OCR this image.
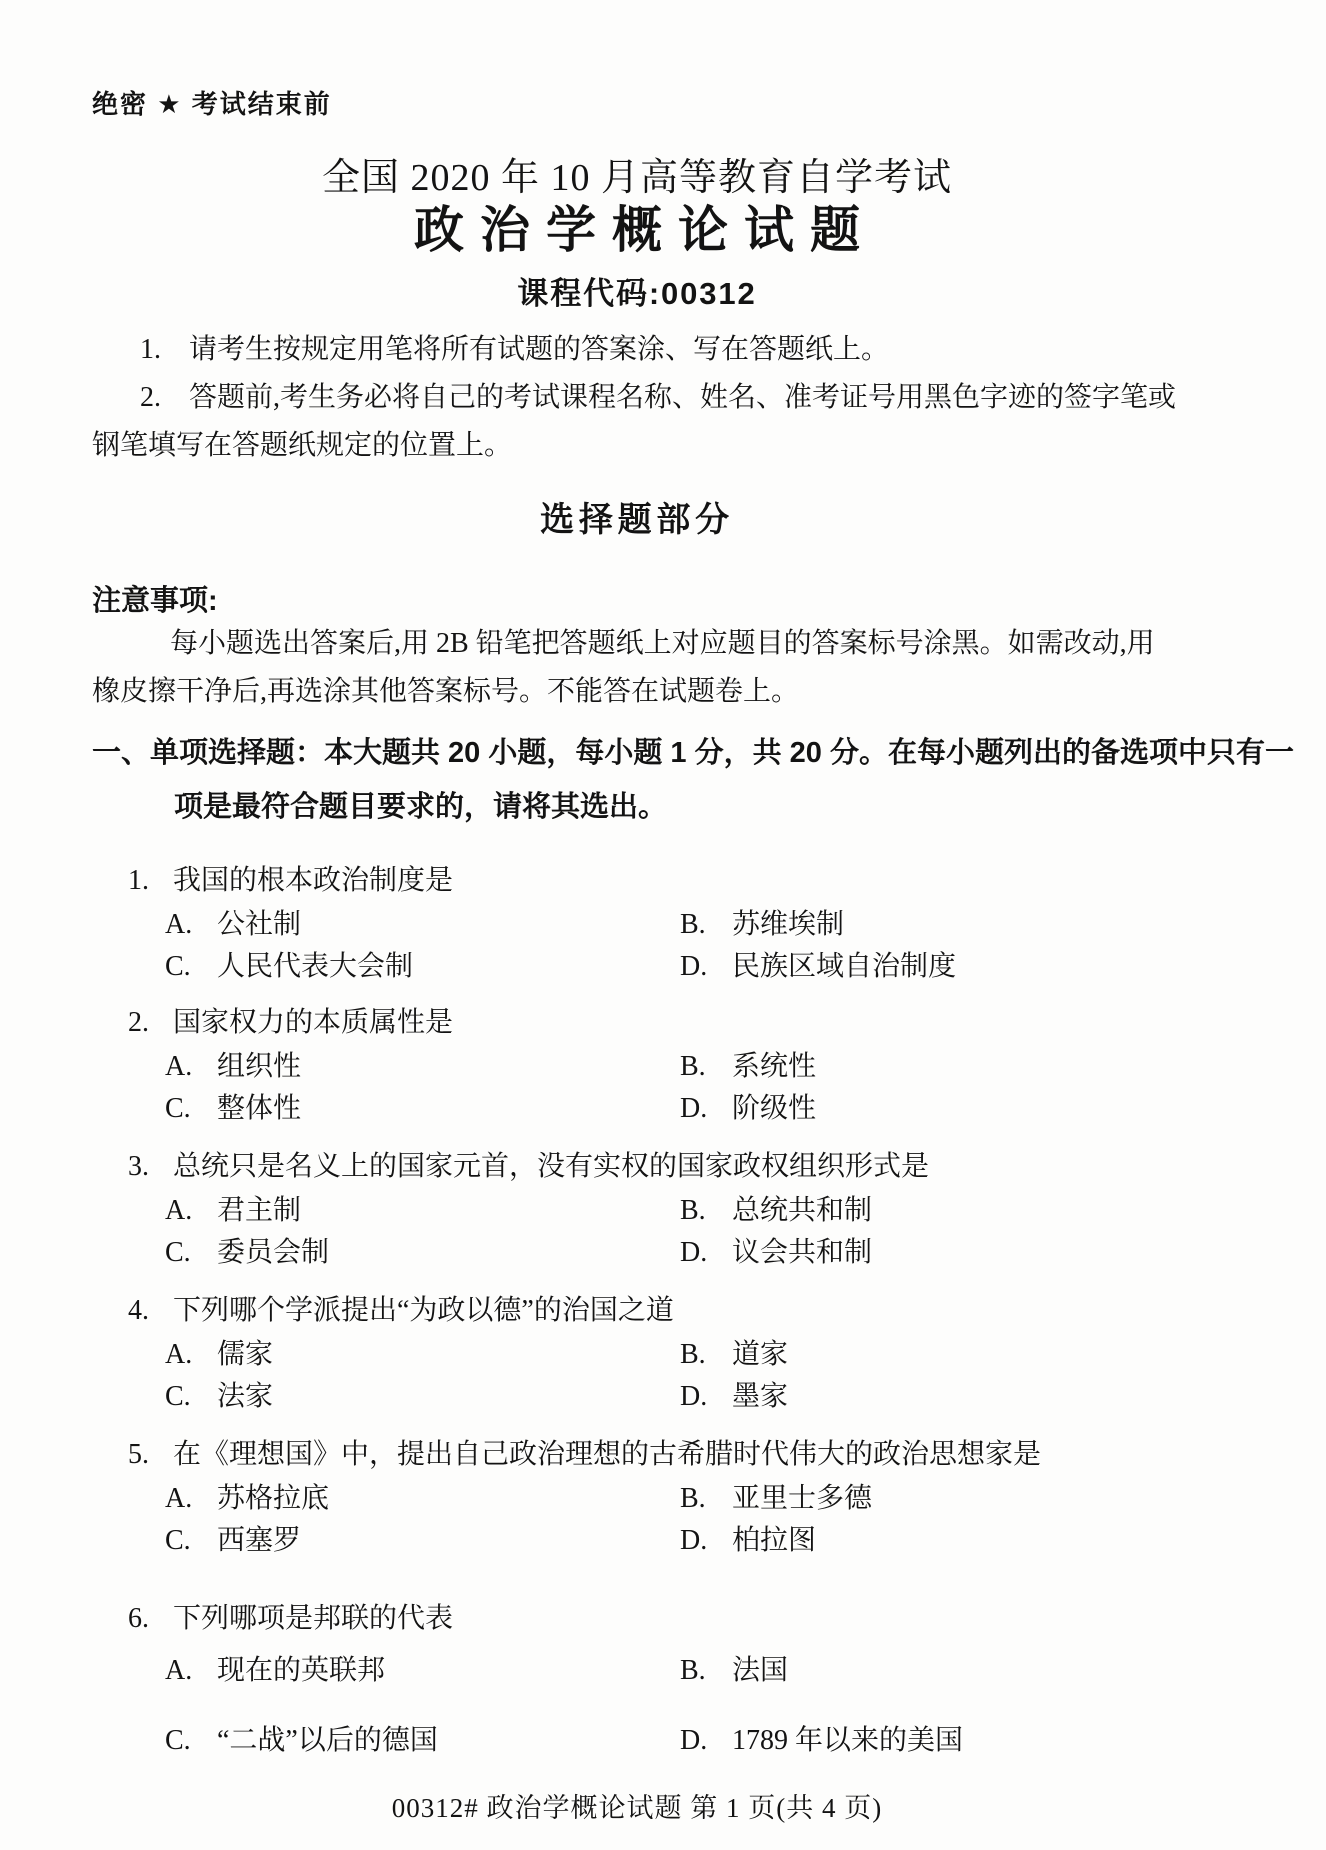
绝密 ★ 考试结束前
全国 2020 年 10 月高等教育自学考试
政治学概论试题
课程代码:00312
1.　请考生按规定用笔将所有试题的答案涂、写在答题纸上。
2.　答题前,考生务必将自己的考试课程名称、姓名、准考证号用黑色字迹的签字笔或钢笔填写在答题纸规定的位置上。
选择题部分
注意事项:
每小题选出答案后,用 2B 铅笔把答题纸上对应题目的答案标号涂黑。如需改动,用橡皮擦干净后,再选涂其他答案标号。不能答在试题卷上。
一、单项选择题：本大题共 20 小题，每小题 1 分，共 20 分。在每小题列出的备选项中只有一项是最符合题目要求的，请将其选出。
1. 我国的根本政治制度是
A. 公社制	B. 苏维埃制
C. 人民代表大会制	D. 民族区域自治制度
2. 国家权力的本质属性是
A. 组织性	B. 系统性
C. 整体性	D. 阶级性
3. 总统只是名义上的国家元首，没有实权的国家政权组织形式是
A. 君主制	B. 总统共和制
C. 委员会制	D. 议会共和制
4. 下列哪个学派提出“为政以德”的治国之道
A. 儒家	B. 道家
C. 法家	D. 墨家
5. 在《理想国》中，提出自己政治理想的古希腊时代伟大的政治思想家是
A. 苏格拉底	B. 亚里士多德
C. 西塞罗	D. 柏拉图
6. 下列哪项是邦联的代表
A. 现在的英联邦	B. 法国
C. “二战”以后的德国	D. 1789 年以来的美国
00312# 政治学概论试题 第 1 页(共 4 页)
